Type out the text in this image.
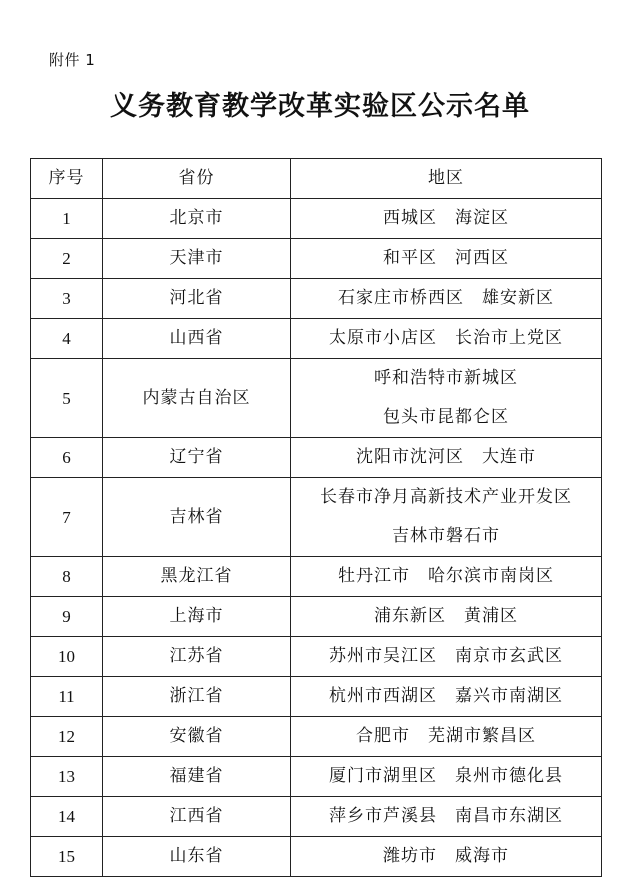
附件 1
义务教育教学改革实验区公示名单
序号	省份	地区
1	北京市	西城区　海淀区

2	天津市	和平区　河西区

3	河北省	石家庄市桥西区　雄安新区

4	山西省	太原市小店区　长治市上党区

5	内蒙古自治区	呼和浩特市新城区
包头市昆都仑区

6	辽宁省	沈阳市沈河区　大连市

7	吉林省	长春市净月高新技术产业开发区
吉林市磐石市

8	黑龙江省	牡丹江市　哈尔滨市南岗区

9	上海市	浦东新区　黄浦区

10	江苏省	苏州市吴江区　南京市玄武区

11	浙江省	杭州市西湖区　嘉兴市南湖区

12	安徽省	合肥市　芜湖市繁昌区

13	福建省	厦门市湖里区　泉州市德化县

14	江西省	萍乡市芦溪县　南昌市东湖区

15	山东省	潍坊市　威海市
